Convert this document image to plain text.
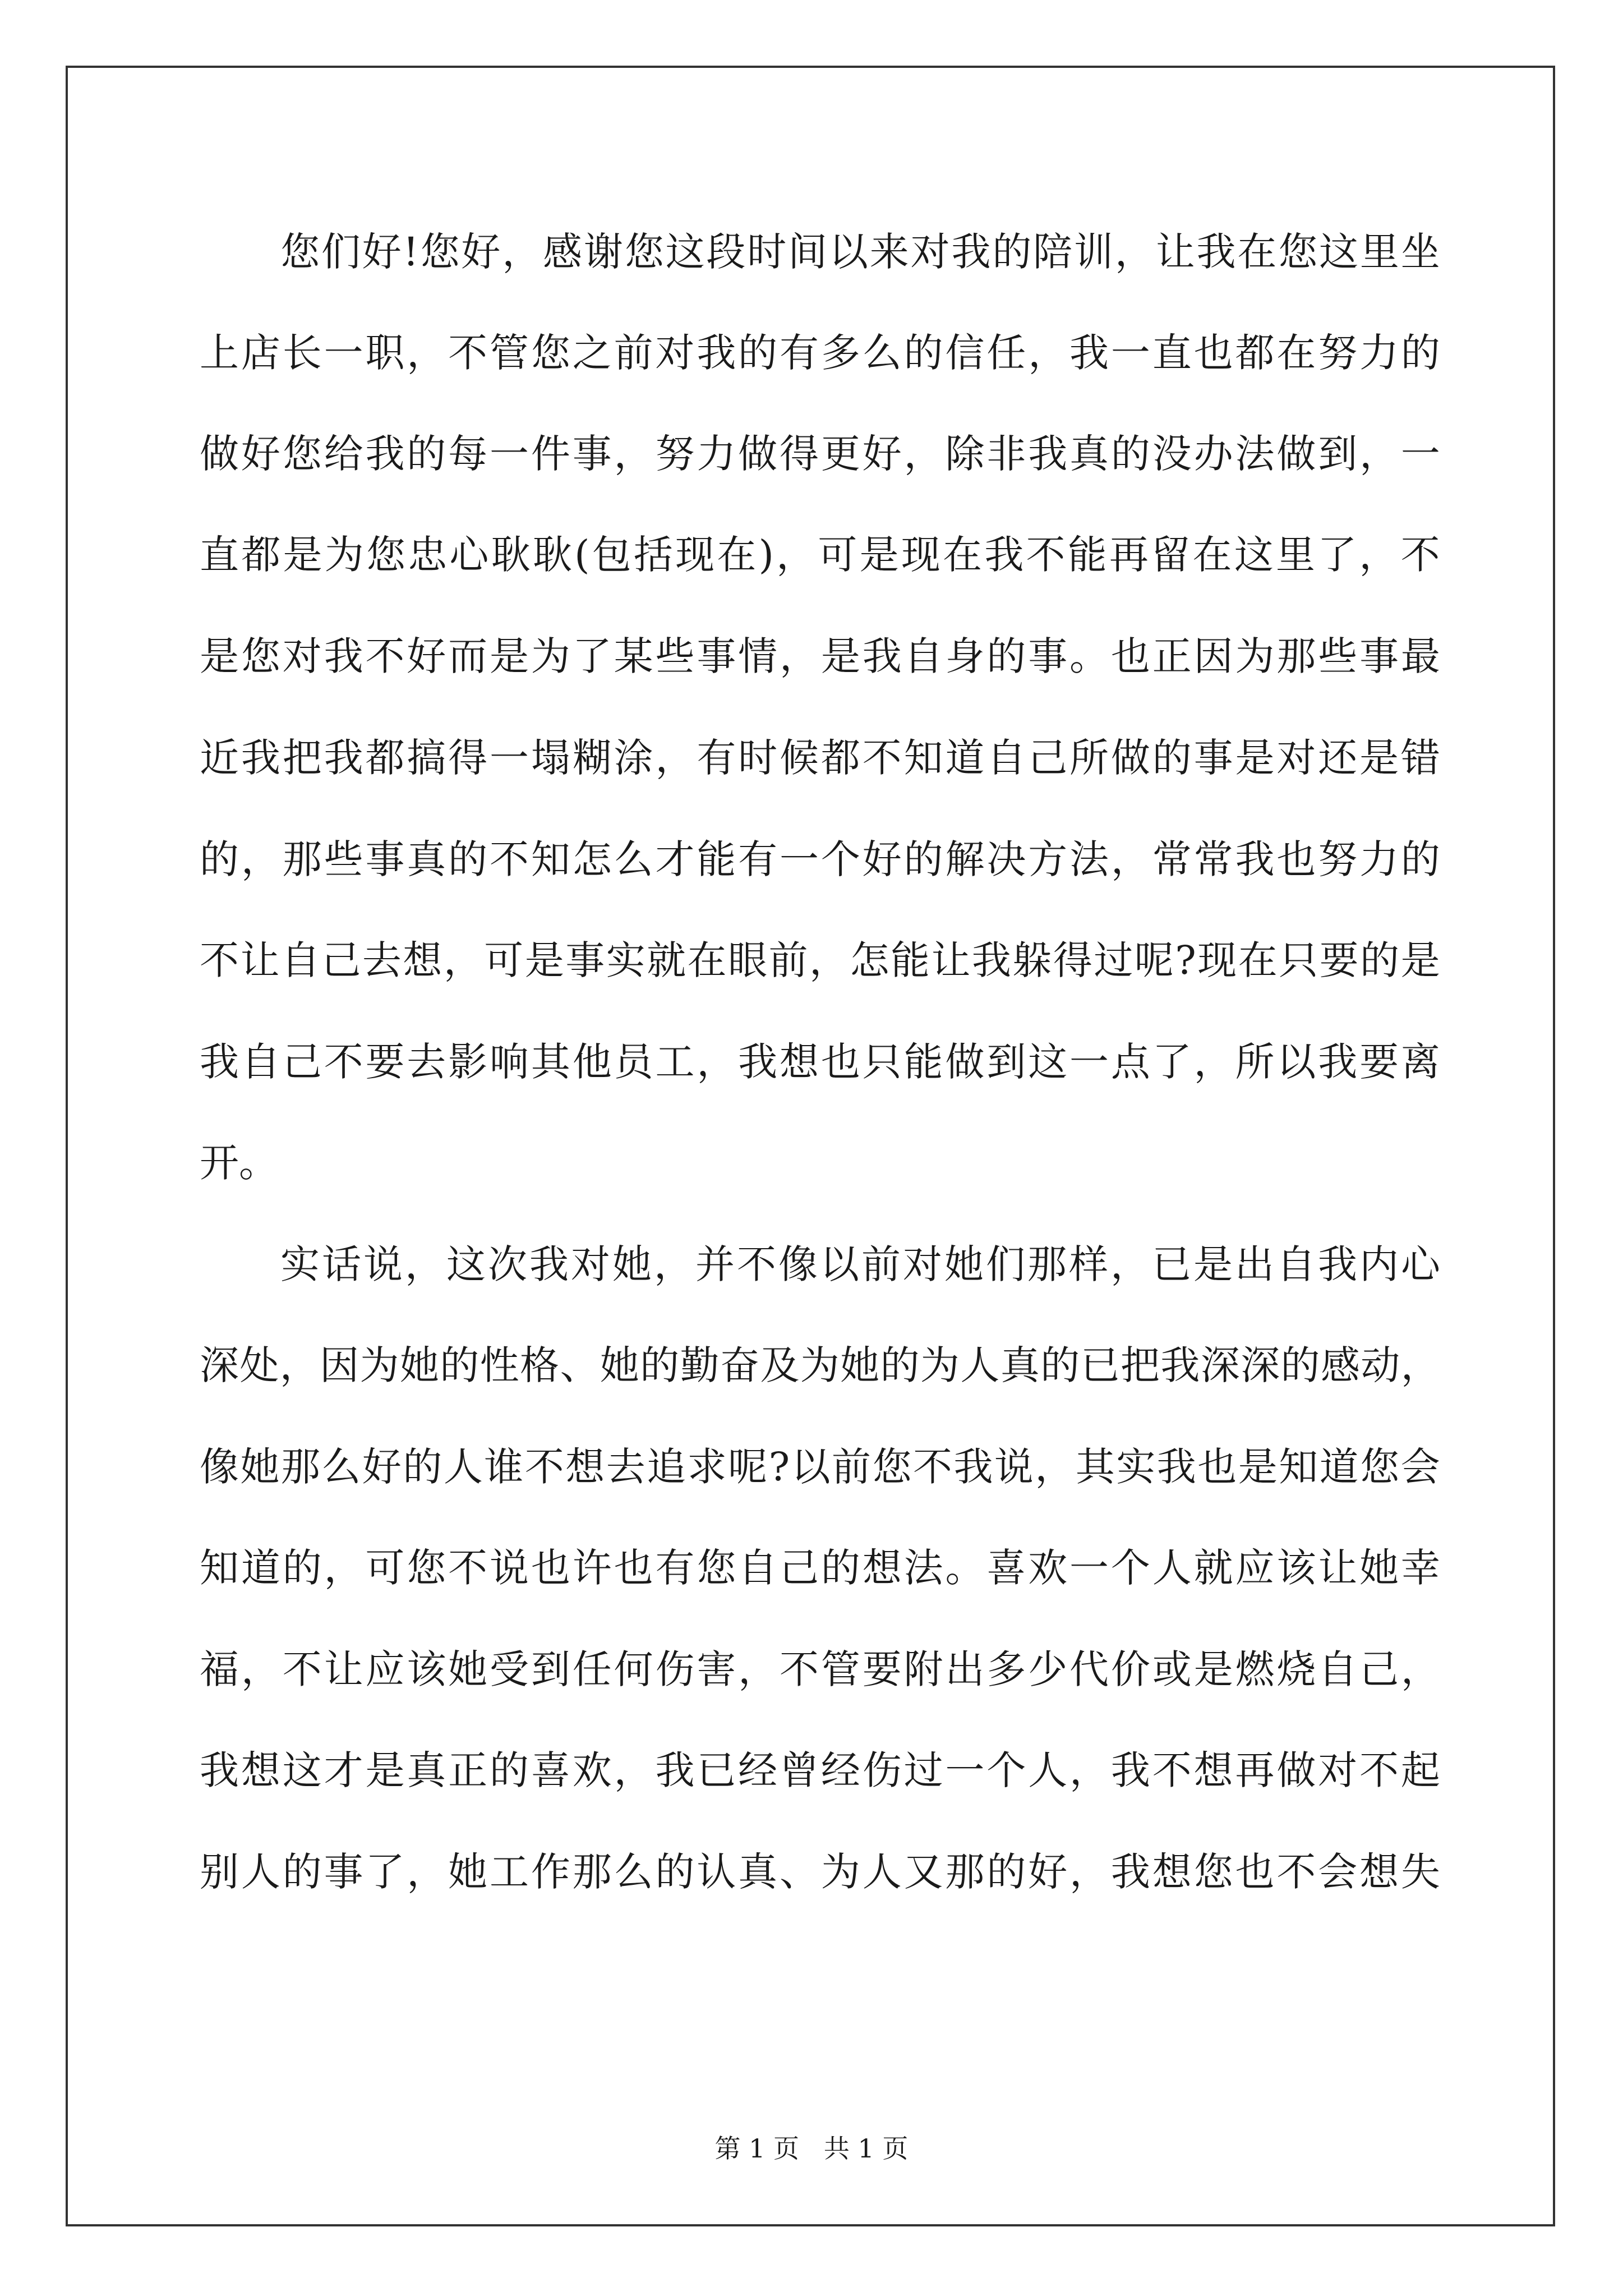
您 们 好 ! 您 好 ， 感 谢 您 这 段 时 间 以 来 对 我 的 陪 训 ， 让 我 在 您 这 里 坐
上 店 长 一 职 ， 不 管 您 之 前 对 我 的 有 多 么 的 信 任 ， 我 一 直 也 都 在 努 力 的
做 好 您 给 我 的 每 一 件 事 ， 努 力 做 得 更 好 ， 除 非 我 真 的 没 办 法 做 到 ， 一
直 都 是 为 您 忠 心 耿 耿 ( 包 括 现 在 ) ， 可 是 现 在 我 不 能 再 留 在 这 里 了 ， 不
是 您 对 我 不 好 而 是 为 了 某 些 事 情 ， 是 我 自 身 的 事 。 也 正 因 为 那 些 事 最
近 我 把 我 都 搞 得 一 塌 糊 涂 ， 有 时 候 都 不 知 道 自 己 所 做 的 事 是 对 还 是 错
的 ， 那 些 事 真 的 不 知 怎 么 才 能 有 一 个 好 的 解 决 方 法 ， 常 常 我 也 努 力 的
不 让 自 己 去 想 ， 可 是 事 实 就 在 眼 前 ， 怎 能 让 我 躲 得 过 呢 ? 现 在 只 要 的 是
我 自 己 不 要 去 影 响 其 他 员 工 ， 我 想 也 只 能 做 到 这 一 点 了 ， 所 以 我 要 离
开。
实 话 说 ， 这 次 我 对 她 ， 并 不 像 以 前 对 她 们 那 样 ， 已 是 出 自 我 内 心
深 处 ， 因 为 她 的 性 格 、 她 的 勤 奋 及 为 她 的 为 人 真 的 已 把 我 深 深 的 感 动 ，
像 她 那 么 好 的 人 谁 不 想 去 追 求 呢 ? 以 前 您 不 我 说 ， 其 实 我 也 是 知 道 您 会
知 道 的 ， 可 您 不 说 也 许 也 有 您 自 己 的 想 法 。 喜 欢 一 个 人 就 应 该 让 她 幸
福 ， 不 让 应 该 她 受 到 任 何 伤 害 ， 不 管 要 附 出 多 少 代 价 或 是 燃 烧 自 己 ，
我 想 这 才 是 真 正 的 喜 欢 ， 我 已 经 曾 经 伤 过 一 个 人 ， 我 不 想 再 做 对 不 起
别 人 的 事 了 ， 她 工 作 那 么 的 认 真 、 为 人 又 那 的 好 ， 我 想 您 也 不 会 想 失
第 1 页   共 1 页
